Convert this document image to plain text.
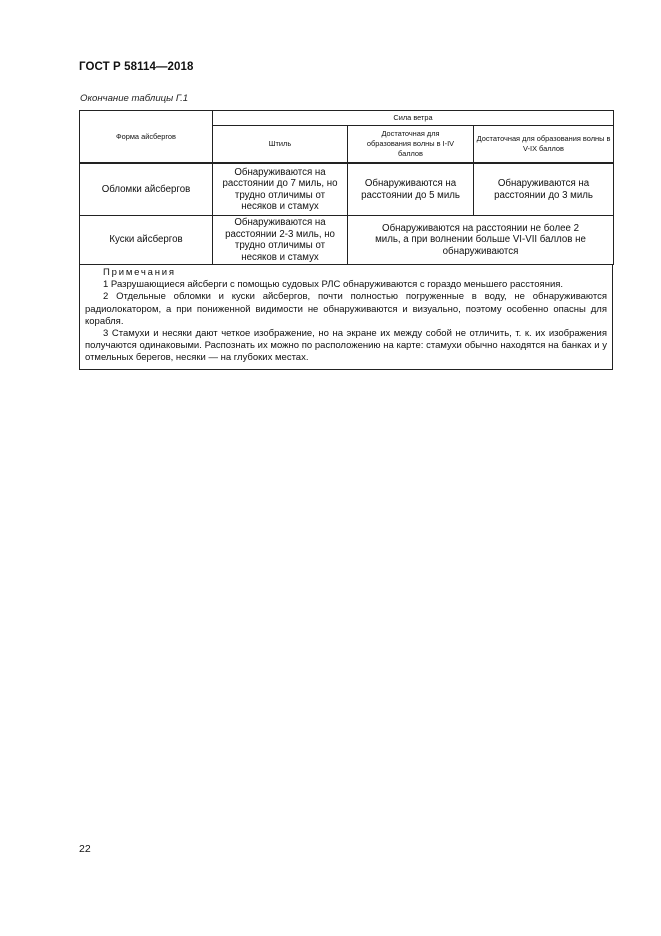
ГОСТ Р 58114—2018
Окончание таблицы Г.1
Форма айсбергов	Сила ветра		
	Штиль	Достаточная для образования волны в I-IV баллов	Достаточная для образования волны в V-IX баллов
Обломки айсбергов	Обнаруживаются на расстоянии до 7 миль, но трудно отличимы от несяков и стамух	Обнаруживаются на расстоянии до 5 миль	Обнаруживаются на расстоянии до 3 миль
Куски айсбергов	Обнаруживаются на расстоянии 2-3 миль, но трудно отличимы от несяков и стамух	Обнаруживаются на расстоянии не более 2 миль, а при волнении больше VI-VII баллов не обнаруживаются	
Примечания

1 Разрушающиеся айсберги с помощью судовых РЛС обнаруживаются с гораздо меньшего расстояния.

2 Отдельные обломки и куски айсбергов, почти полностью погруженные в воду, не обнаруживаются радиолокатором, а при пониженной видимости не обнаруживаются и визуально, поэтому особенно опасны для корабля.

3 Стамухи и несяки дают четкое изображение, но на экране их между собой не отличить, т. к. их изображения получаются одинаковыми. Распознать их можно по расположению на карте: стамухи обычно находятся на банках и у отмельных берегов, несяки — на глубоких местах.

22
